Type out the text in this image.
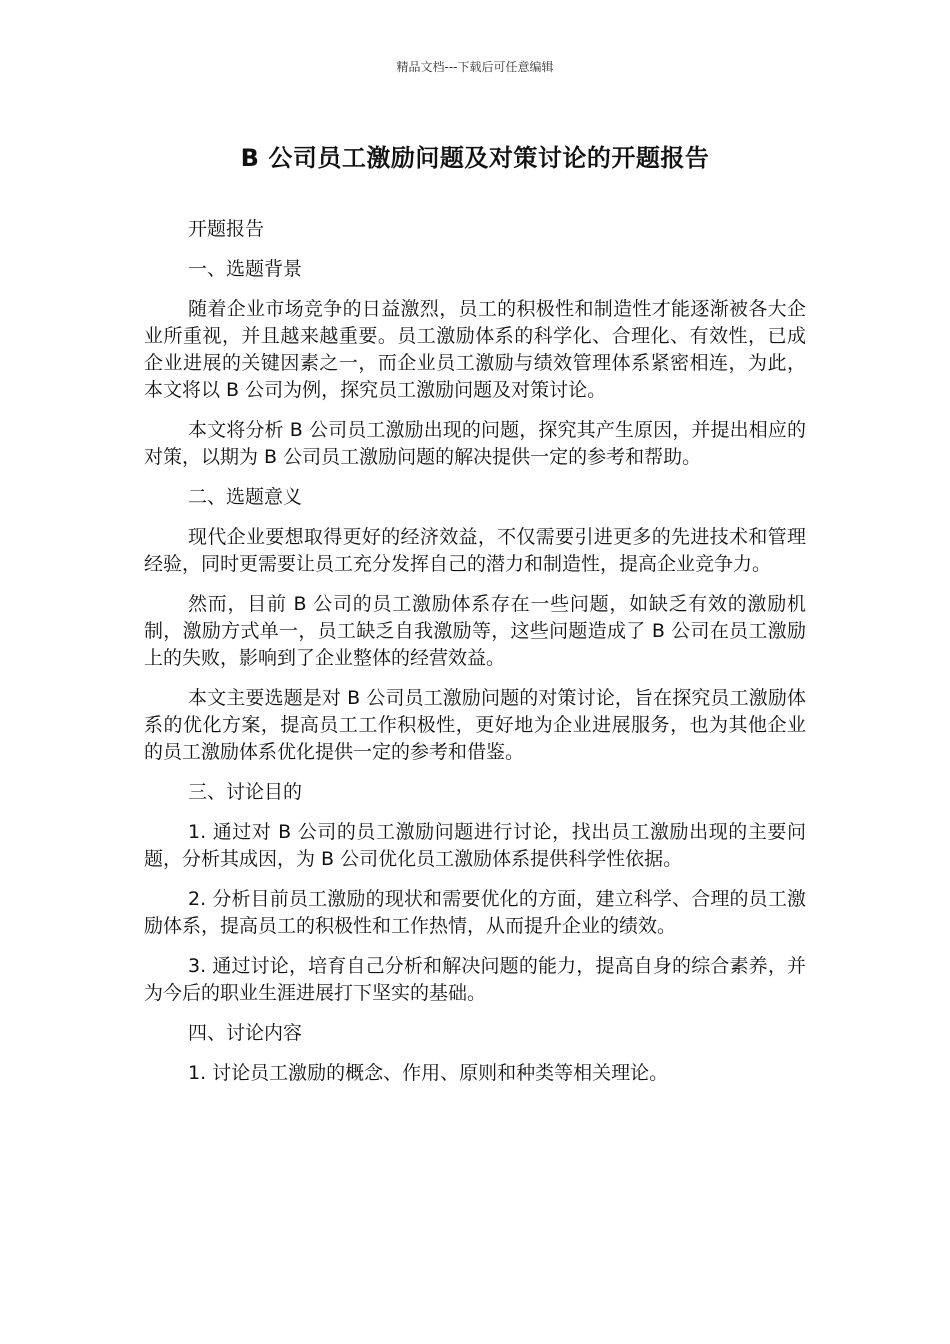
精品文档---下载后可任意编辑
B 公司员工激励问题及对策讨论的开题报告

开题报告

一、选题背景

随着企业市场竞争的日益激烈，员工的积极性和制造性才能逐渐被各大企业所重视，并且越来越重要。员工激励体系的科学化、合理化、有效性，已成企业进展的关键因素之一，而企业员工激励与绩效管理体系紧密相连，为此，本文将以 B 公司为例，探究员工激励问题及对策讨论。

本文将分析 B 公司员工激励出现的问题，探究其产生原因，并提出相应的对策，以期为 B 公司员工激励问题的解决提供一定的参考和帮助。

二、选题意义

现代企业要想取得更好的经济效益，不仅需要引进更多的先进技术和管理经验，同时更需要让员工充分发挥自己的潜力和制造性，提高企业竞争力。

然而，目前 B 公司的员工激励体系存在一些问题，如缺乏有效的激励机制，激励方式单一，员工缺乏自我激励等，这些问题造成了 B 公司在员工激励上的失败，影响到了企业整体的经营效益。

本文主要选题是对 B 公司员工激励问题的对策讨论，旨在探究员工激励体系的优化方案，提高员工工作积极性，更好地为企业进展服务，也为其他企业的员工激励体系优化提供一定的参考和借鉴。

三、讨论目的

1. 通过对 B 公司的员工激励问题进行讨论，找出员工激励出现的主要问题，分析其成因，为 B 公司优化员工激励体系提供科学性依据。

2. 分析目前员工激励的现状和需要优化的方面，建立科学、合理的员工激励体系，提高员工的积极性和工作热情，从而提升企业的绩效。

3. 通过讨论，培育自己分析和解决问题的能力，提高自身的综合素养，并为今后的职业生涯进展打下坚实的基础。

四、讨论内容

1. 讨论员工激励的概念、作用、原则和种类等相关理论。
